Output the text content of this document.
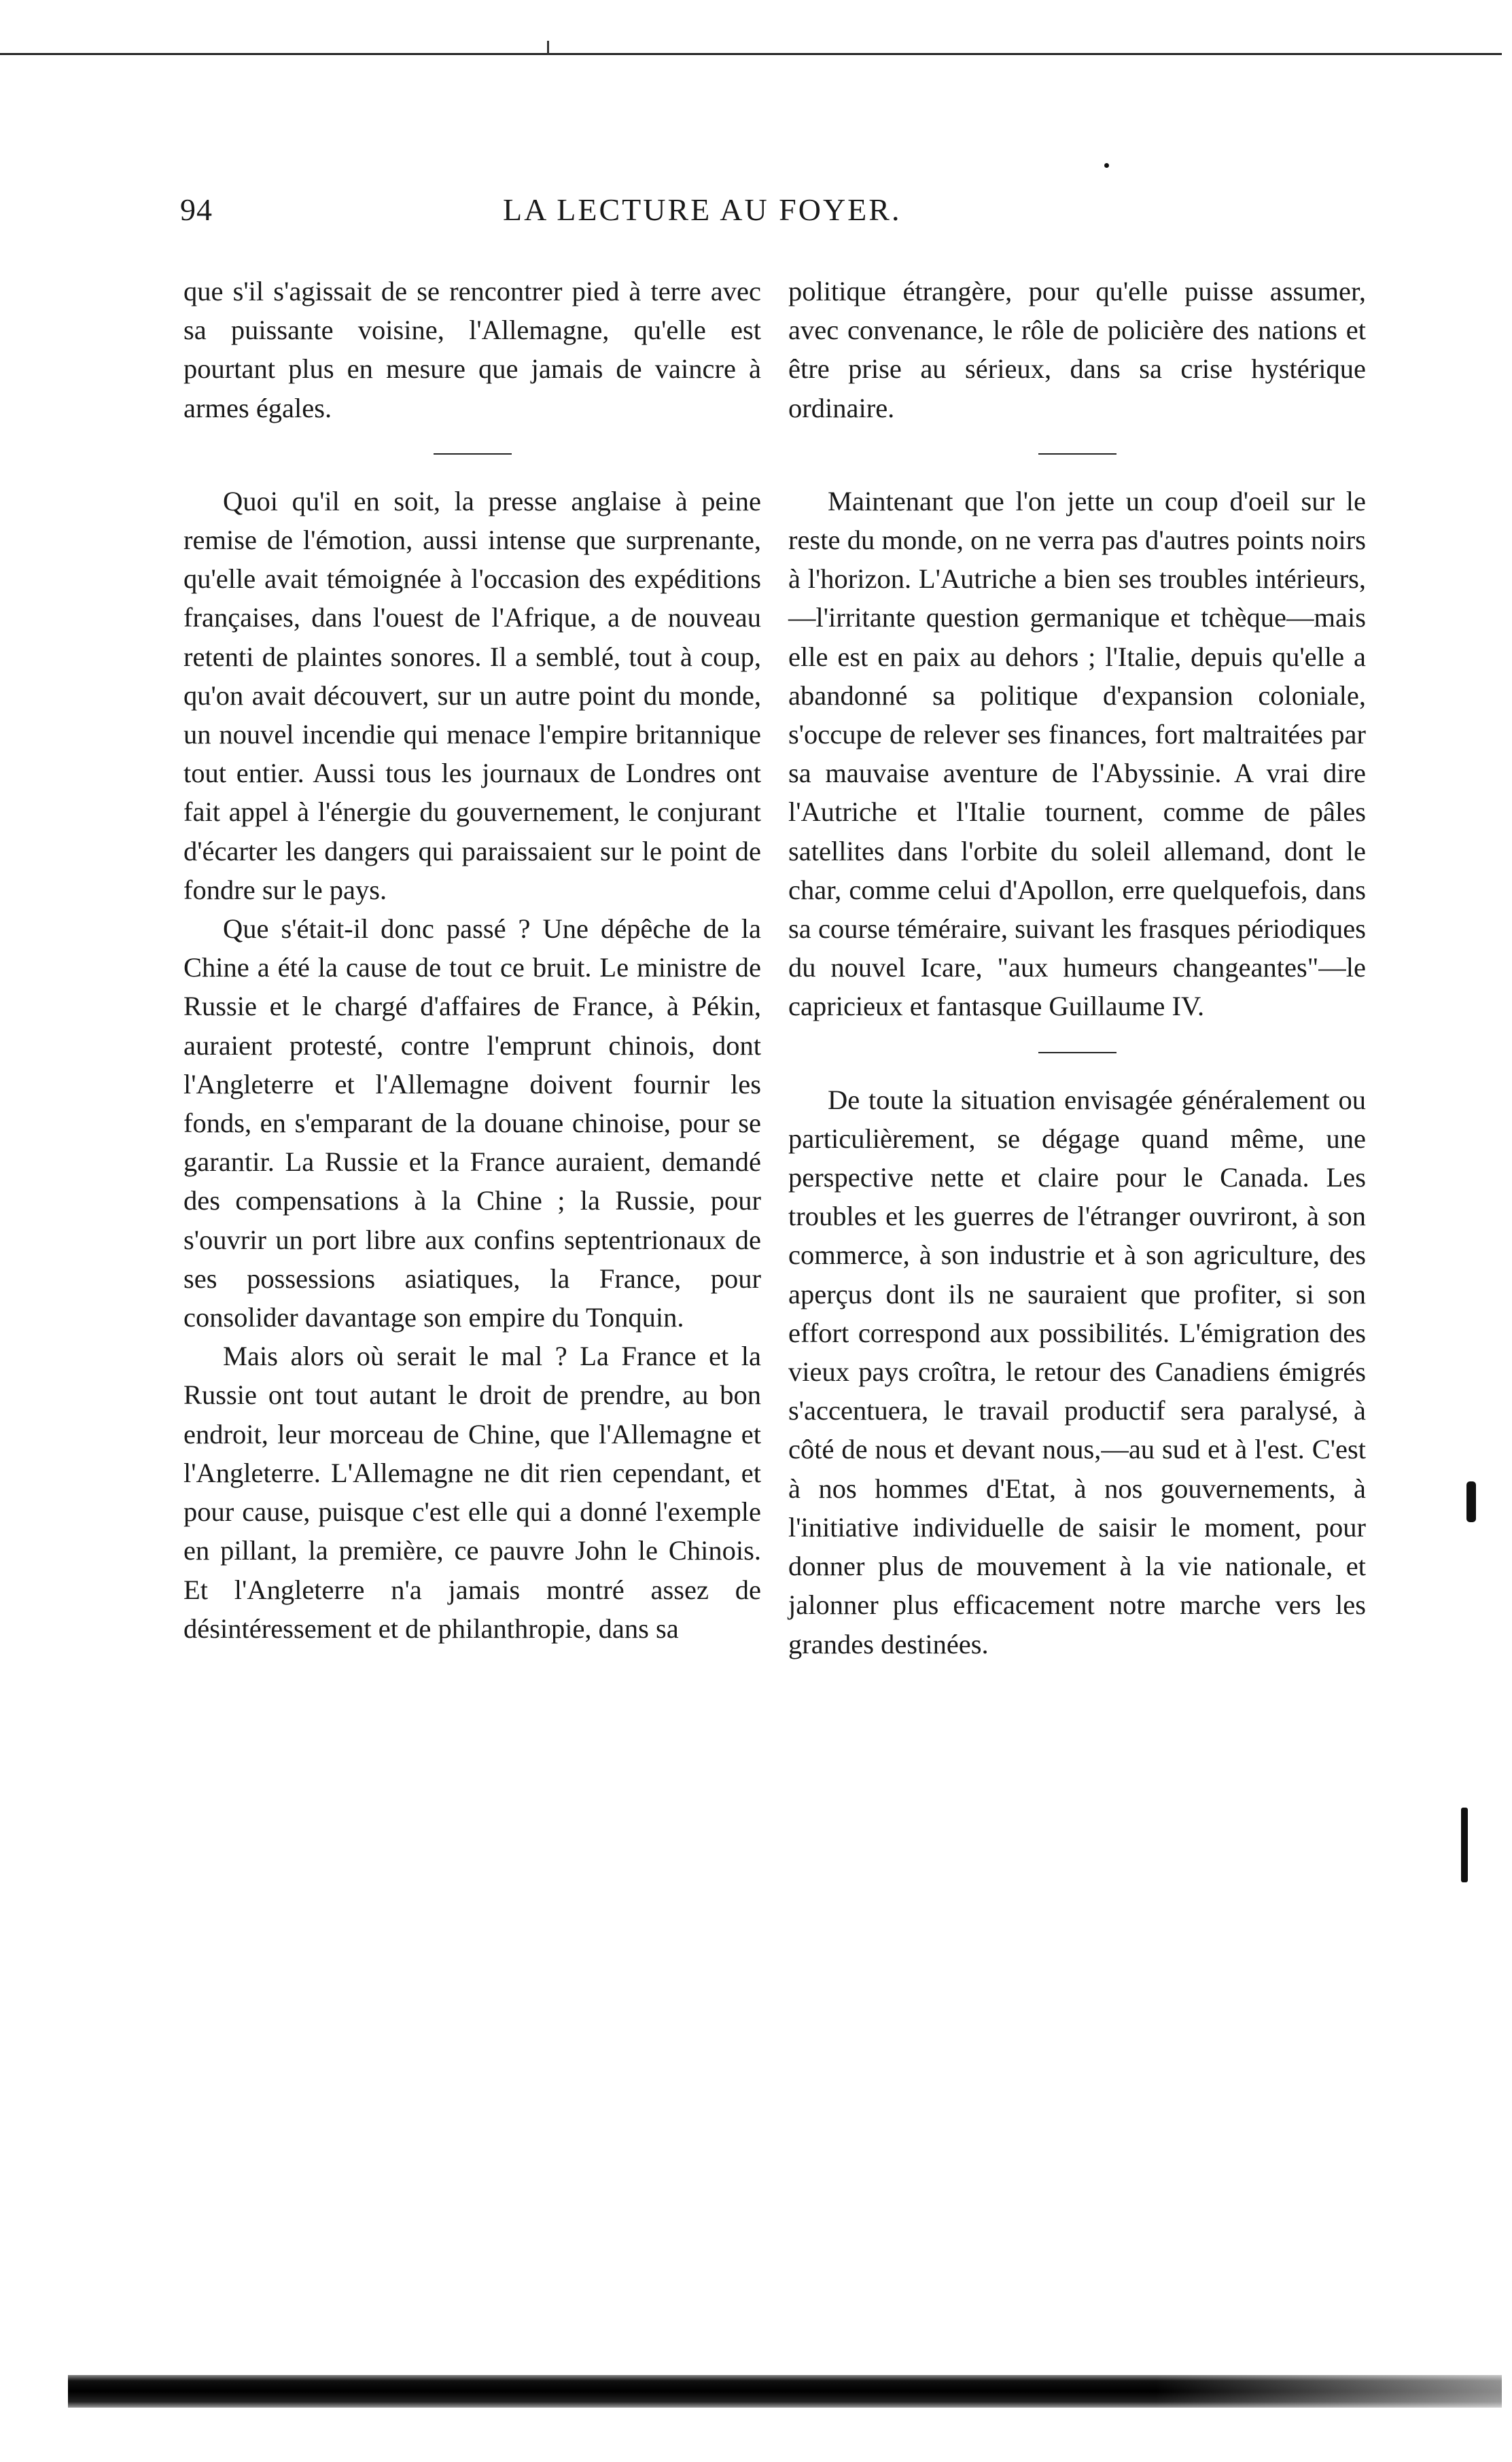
94	LA LECTURE AU FOYER.

que s'il s'agissait de se rencontrer pied à terre avec sa puissante voisine, l'Allemagne, qu'elle est pourtant plus en mesure que jamais de vaincre à armes égales.

Quoi qu'il en soit, la presse anglaise à peine remise de l'émotion, aussi intense que surprenante, qu'elle avait témoignée à l'occasion des expéditions françaises, dans l'ouest de l'Afrique, a de nouveau retenti de plaintes sonores. Il a semblé, tout à coup, qu'on avait découvert, sur un autre point du monde, un nouvel incendie qui menace l'empire britannique tout entier. Aussi tous les journaux de Londres ont fait appel à l'énergie du gouvernement, le conjurant d'écarter les dangers qui paraissaient sur le point de fondre sur le pays.

Que s'était-il donc passé ? Une dépêche de la Chine a été la cause de tout ce bruit. Le ministre de Russie et le chargé d'affaires de France, à Pékin, auraient protesté, contre l'emprunt chinois, dont l'Angleterre et l'Allemagne doivent fournir les fonds, en s'emparant de la douane chinoise, pour se garantir. La Russie et la France auraient, demandé des compensations à la Chine ; la Russie, pour s'ouvrir un port libre aux confins septentrionaux de ses possessions asiatiques, la France, pour consolider davantage son empire du Tonquin.

Mais alors où serait le mal ? La France et la Russie ont tout autant le droit de prendre, au bon endroit, leur morceau de Chine, que l'Allemagne et l'Angleterre. L'Allemagne ne dit rien cependant, et pour cause, puisque c'est elle qui a donné l'exemple en pillant, la première, ce pauvre John le Chinois. Et l'Angleterre n'a jamais montré assez de désintéressement et de philanthropie, dans sa

politique étrangère, pour qu'elle puisse assumer, avec convenance, le rôle de policière des nations et être prise au sérieux, dans sa crise hystérique ordinaire.

Maintenant que l'on jette un coup d'oeil sur le reste du monde, on ne verra pas d'autres points noirs à l'horizon. L'Autriche a bien ses troubles intérieurs,—l'irritante question germanique et tchèque—mais elle est en paix au dehors ; l'Italie, depuis qu'elle a abandonné sa politique d'expansion coloniale, s'occupe de relever ses finances, fort maltraitées par sa mauvaise aventure de l'Abyssinie. A vrai dire l'Autriche et l'Italie tournent, comme de pâles satellites dans l'orbite du soleil allemand, dont le char, comme celui d'Apollon, erre quelquefois, dans sa course téméraire, suivant les frasques périodiques du nouvel Icare, "aux humeurs changeantes"—le capricieux et fantasque Guillaume IV.

De toute la situation envisagée généralement ou particulièrement, se dégage quand même, une perspective nette et claire pour le Canada. Les troubles et les guerres de l'étranger ouvriront, à son commerce, à son industrie et à son agriculture, des aperçus dont ils ne sauraient que profiter, si son effort correspond aux possibilités. L'émigration des vieux pays croîtra, le retour des Canadiens émigrés s'accentuera, le travail productif sera paralysé, à côté de nous et devant nous,—au sud et à l'est. C'est à nos hommes d'Etat, à nos gouvernements, à l'initiative individuelle de saisir le moment, pour donner plus de mouvement à la vie nationale, et jalonner plus efficacement notre marche vers les grandes destinées.
